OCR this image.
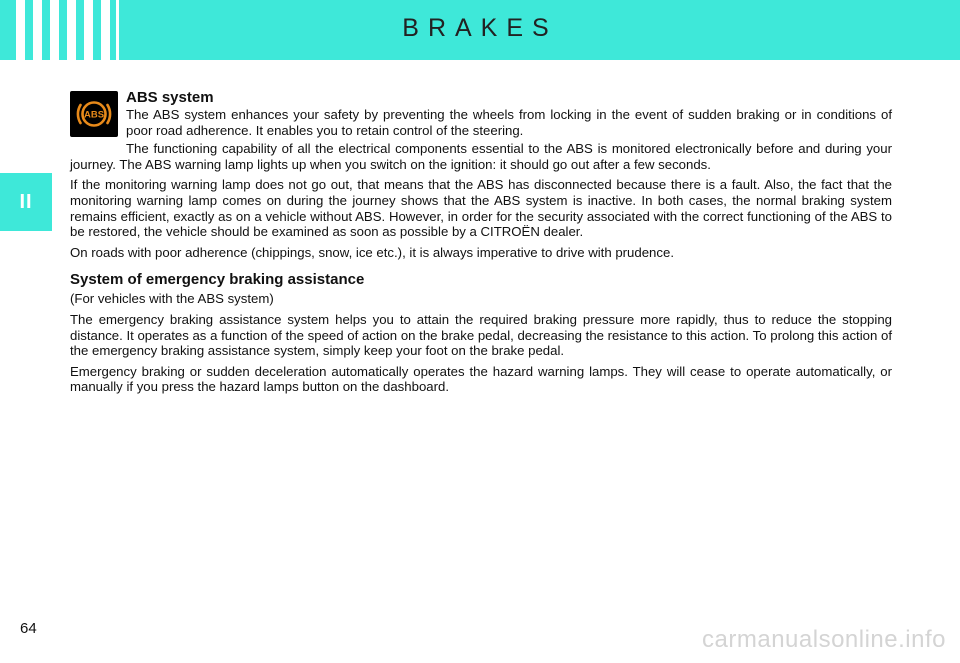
BRAKES
II
ABS
ABS system

The ABS system enhances your safety by preventing the wheels from locking in the event of sudden braking or in conditions of poor road adherence. It enables you to retain control of the steering.

The functioning capability of all the electrical components essential to the ABS is monitored electronically before and during your journey. The ABS warning lamp lights up when you switch on the ignition: it should go out after a few seconds.

If the monitoring warning lamp does not go out, that means that the ABS has disconnected because there is a fault. Also, the fact that the monitoring warning lamp comes on during the journey shows that the ABS system is inactive. In both cases, the normal braking system remains efficient, exactly as on a vehicle without ABS. However, in order for the security associated with the correct functioning of the ABS to be restored, the vehicle should be examined as soon as possible by a CITROËN dealer.

On roads with poor adherence (chippings, snow, ice etc.), it is always imperative to drive with prudence.

System of emergency braking assistance

(For vehicles with the ABS system)

The emergency braking assistance system helps you to attain the required braking pressure more rapidly, thus to reduce the stopping distance. It operates as a function of the speed of action on the brake pedal, decreasing the resistance to this action. To prolong this action of the emergency braking assistance system, simply keep your foot on the brake pedal.

Emergency braking or sudden deceleration automatically operates the hazard warning lamps. They will cease to operate automatically, or manually if you press the hazard lamps button on the dashboard.

64	carmanualsonline.info
